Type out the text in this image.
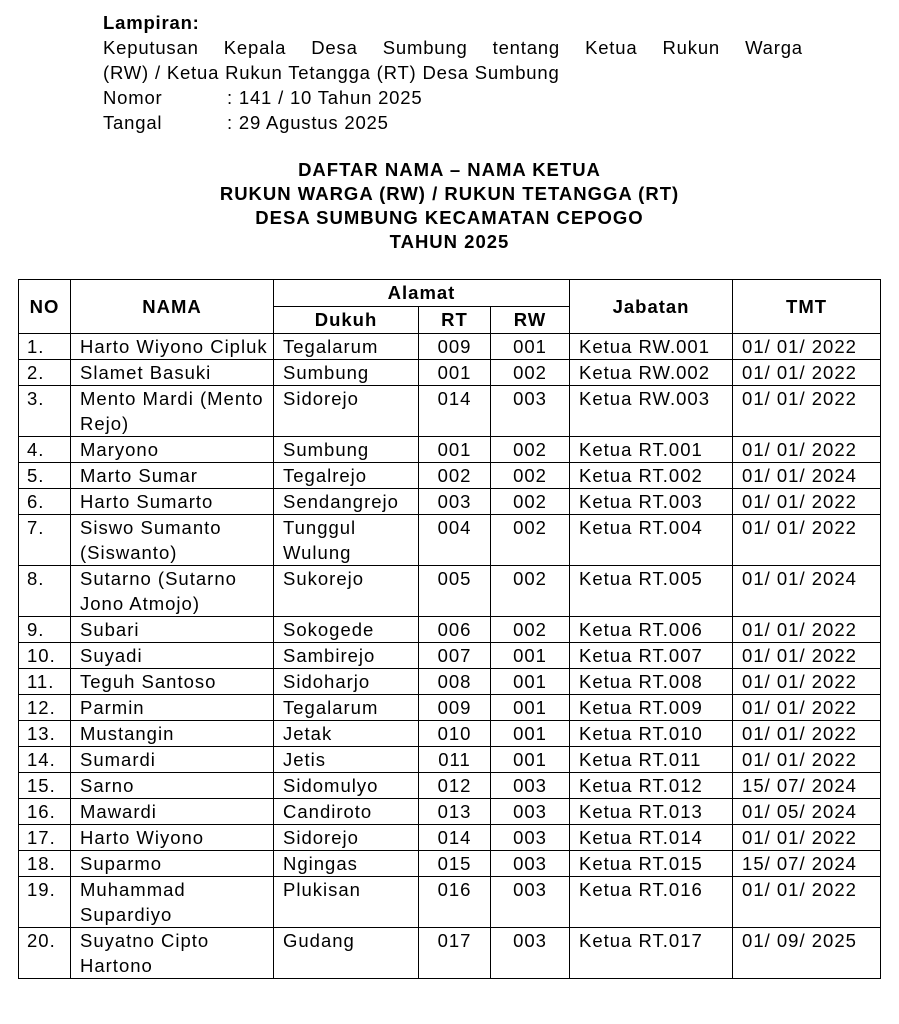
Lampiran:
Keputusan Kepala Desa Sumbung tentang Ketua Rukun Warga
(RW) / Ketua Rukun Tetangga (RT) Desa Sumbung
Nomor	: 141 / 10 Tahun 2025
Tangal	: 29 Agustus 2025
DAFTAR NAMA – NAMA KETUA
RUKUN WARGA (RW) / RUKUN TETANGGA (RT)
DESA SUMBUNG KECAMATAN CEPOGO
TAHUN 2025
NO	NAMA	Alamat			Jabatan	TMT
		Dukuh	RT	RW		
1.	Harto Wiyono Cipluk	Tegalarum	009	001	Ketua RW.001	01/ 01/ 2022
2.	Slamet Basuki	Sumbung	001	002	Ketua RW.002	01/ 01/ 2022
3.	Mento Mardi (Mento Rejo)	Sidorejo	014	003	Ketua RW.003	01/ 01/ 2022
4.	Maryono	Sumbung	001	002	Ketua RT.001	01/ 01/ 2022
5.	Marto Sumar	Tegalrejo	002	002	Ketua RT.002	01/ 01/ 2024
6.	Harto Sumarto	Sendangrejo	003	002	Ketua RT.003	01/ 01/ 2022
7.	Siswo Sumanto (Siswanto)	Tunggul Wulung	004	002	Ketua RT.004	01/ 01/ 2022
8.	Sutarno (Sutarno Jono Atmojo)	Sukorejo	005	002	Ketua RT.005	01/ 01/ 2024
9.	Subari	Sokogede	006	002	Ketua RT.006	01/ 01/ 2022
10.	Suyadi	Sambirejo	007	001	Ketua RT.007	01/ 01/ 2022
11.	Teguh Santoso	Sidoharjo	008	001	Ketua RT.008	01/ 01/ 2022
12.	Parmin	Tegalarum	009	001	Ketua RT.009	01/ 01/ 2022
13.	Mustangin	Jetak	010	001	Ketua RT.010	01/ 01/ 2022
14.	Sumardi	Jetis	011	001	Ketua RT.011	01/ 01/ 2022
15.	Sarno	Sidomulyo	012	003	Ketua RT.012	15/ 07/ 2024
16.	Mawardi	Candiroto	013	003	Ketua RT.013	01/ 05/ 2024
17.	Harto Wiyono	Sidorejo	014	003	Ketua RT.014	01/ 01/ 2022
18.	Suparmo	Ngingas	015	003	Ketua RT.015	15/ 07/ 2024
19.	Muhammad Supardiyo	Plukisan	016	003	Ketua RT.016	01/ 01/ 2022
20.	Suyatno Cipto Hartono	Gudang	017	003	Ketua RT.017	01/ 09/ 2025
